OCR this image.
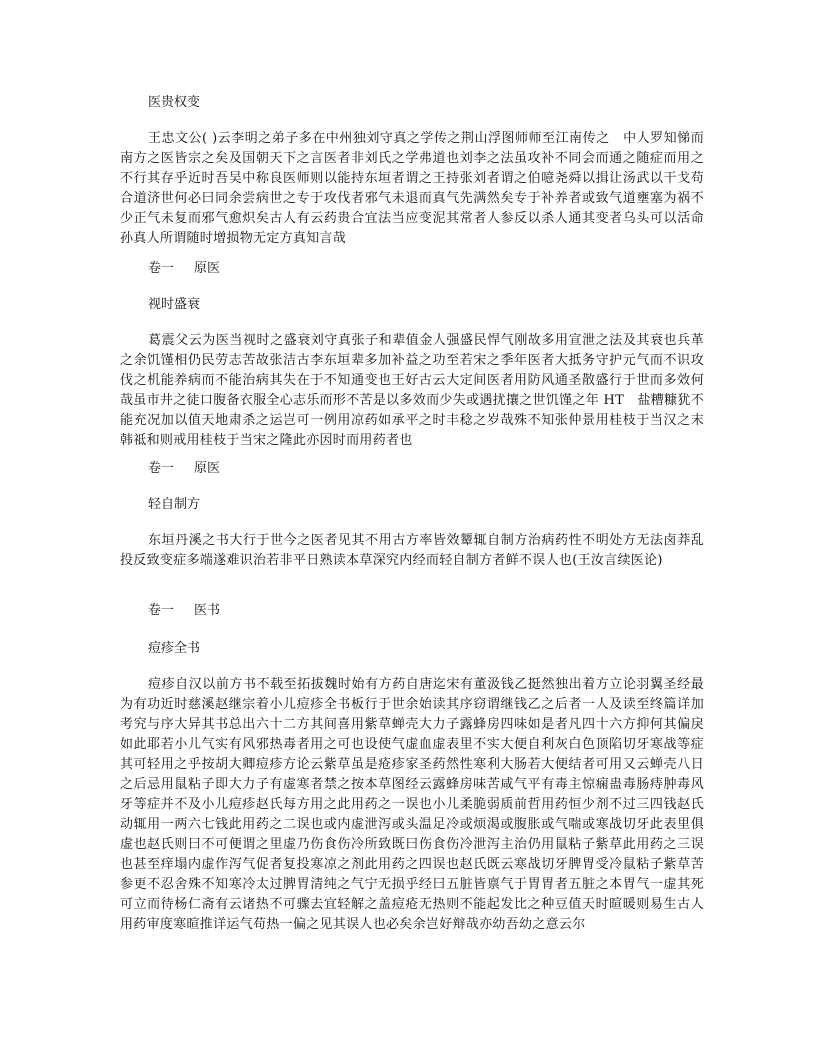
医贵权变
王忠文公( )云李明之弟子多在中州独刘守真之学传之荆山浮图师师至江南传之　中人罗知悌而南方之医皆宗之矣及国朝天下之言医者非刘氏之学弗道也刘李之法虽攻补不同会而通之随症而用之不行其存乎近时吾吴中称良医师则以能持东垣者谓之王持张刘者谓之伯噫尧舜以揖让汤武以干戈苟合道济世何必曰同余尝病世之专于攻伐者邪气未退而真气先满然矣专于补养者或致气道壅塞为祸不少正气未复而邪气愈炽矣古人有云药贵合宜法当应变泥其常者人参反以杀人通其变者乌头可以活命孙真人所谓随时增损物无定方真知言哉
卷一 原医
视时盛衰
葛震父云为医当视时之盛衰刘守真张子和辈值金人强盛民悍气刚故多用宣泄之法及其衰也兵革之余饥馑相仍民劳志苦故张洁古李东垣辈多加补益之功至若宋之季年医者大抵务守护元气而不识攻伐之机能养病而不能治病其失在于不知通变也王好古云大定间医者用防风通圣散盛行于世而多效何哉虽市井之徒口腹备衣服全心志乐而形不苦是以多效而少失或遇扰攘之世饥馑之年 HT　盐糟糠犹不能充况加以值天地肃杀之运岂可一例用凉药如承平之时丰稔之岁哉殊不知张仲景用桂枝于当汉之末韩祗和则戒用桂枝于当宋之隆此亦因时而用药者也
卷一 原医
轻自制方
东垣丹溪之书大行于世今之医者见其不用古方率皆效颦辄自制方治病药性不明处方无法卤莽乱投反致变症多端遂难识治若非平日熟读本草深究内经而轻自制方者鲜不误人也(王汝言续医论)
卷一 医书
痘疹全书
痘疹自汉以前方书不载至拓拔魏时始有方药自唐迄宋有董汲钱乙挺然独出着方立论羽翼圣经最为有功近时慈溪赵继宗着小儿痘疹全书板行于世余始读其序窃谓继钱乙之后者一人及读至终篇详加考究与序大异其书总出六十二方其间喜用紫草蝉壳大力子露蜂房四味如是者凡四十六方抑何其偏戾如此耶若小儿气实有风邪热毒者用之可也设使气虚血虚表里不实大便自利灰白色顶陷切牙寒战等症其可轻用之乎按胡大卿痘疹方论云紫草虽是疮疹家圣药然性寒利大肠若大便结者可用又云蝉壳八日之后忌用鼠粘子即大力子有虚寒者禁之按本草图经云露蜂房味苦咸气平有毒主惊痫蛊毒肠痔肿毒风牙等症并不及小儿痘疹赵氏每方用之此用药之一误也小儿柔脆弱质前哲用药恒少剂不过三四钱赵氏动辄用一两六七钱此用药之二误也或内虚泄泻或头温足冷或烦渴或腹胀或气喘或寒战切牙此表里俱虚也赵氏则曰不可便谓之里虚乃伤食伤冷所致既曰伤食伤冷泄泻主治仍用鼠粘子紫草此用药之三误也甚至痒塌内虚作泻气促者复投寒凉之剂此用药之四误也赵氏既云寒战切牙脾胃受冷鼠粘子紫草苦参更不忍舍殊不知寒冷太过脾胃清纯之气宁无损乎经曰五脏皆禀气于胃胃者五脏之本胃气一虚其死可立而待杨仁斋有云诸热不可骤去宜轻解之盖痘疮无热则不能起发比之种豆值天时暄暖则易生古人用药审度寒暄推详运气苟热一偏之见其误人也必矣余岂好辩哉亦幼吾幼之意云尔
